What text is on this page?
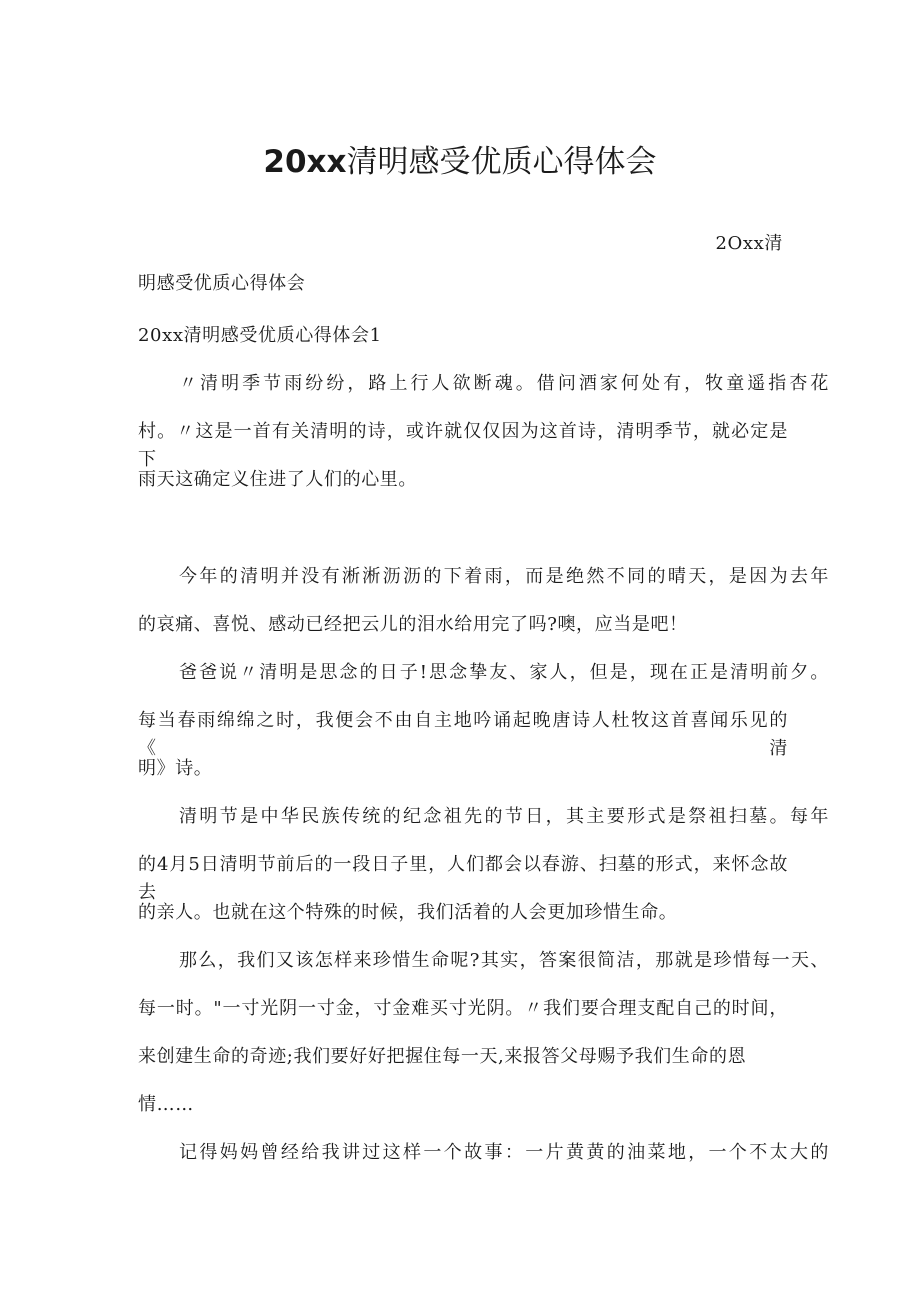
20xx清明感受优质心得体会
2Oxx清
明感受优质心得体会
20xx清明感受优质心得体会1
〃清明季节雨纷纷，路上行人欲断魂。借问酒家何处有，牧童遥指杏花
村。〃这是一首有关清明的诗，或许就仅仅因为这首诗，清明季节，就必定是下
雨天这确定义住进了人们的心里。
今年的清明并没有淅淅沥沥的下着雨，而是绝然不同的晴天，是因为去年
的哀痛、喜悦、感动已经把云儿的泪水给用完了吗?噢，应当是吧！
爸爸说〃清明是思念的日子!思念挚友、家人，但是，现在正是清明前夕。
每当春雨绵绵之时，我便会不由自主地吟诵起晚唐诗人杜牧这首喜闻乐见的《清
明》诗。
清明节是中华民族传统的纪念祖先的节日，其主要形式是祭祖扫墓。每年
的4月5日清明节前后的一段日子里，人们都会以春游、扫墓的形式，来怀念故去
的亲人。也就在这个特殊的时候，我们活着的人会更加珍惜生命。
那么，我们又该怎样来珍惜生命呢?其实，答案很简洁，那就是珍惜每一天、
每一时。"一寸光阴一寸金，寸金难买寸光阴。〃我们要合理支配自己的时间，
来创建生命的奇迹;我们要好好把握住每一天,来报答父母赐予我们生命的恩
情……
记得妈妈曾经给我讲过这样一个故事：一片黄黄的油菜地，一个不太大的
